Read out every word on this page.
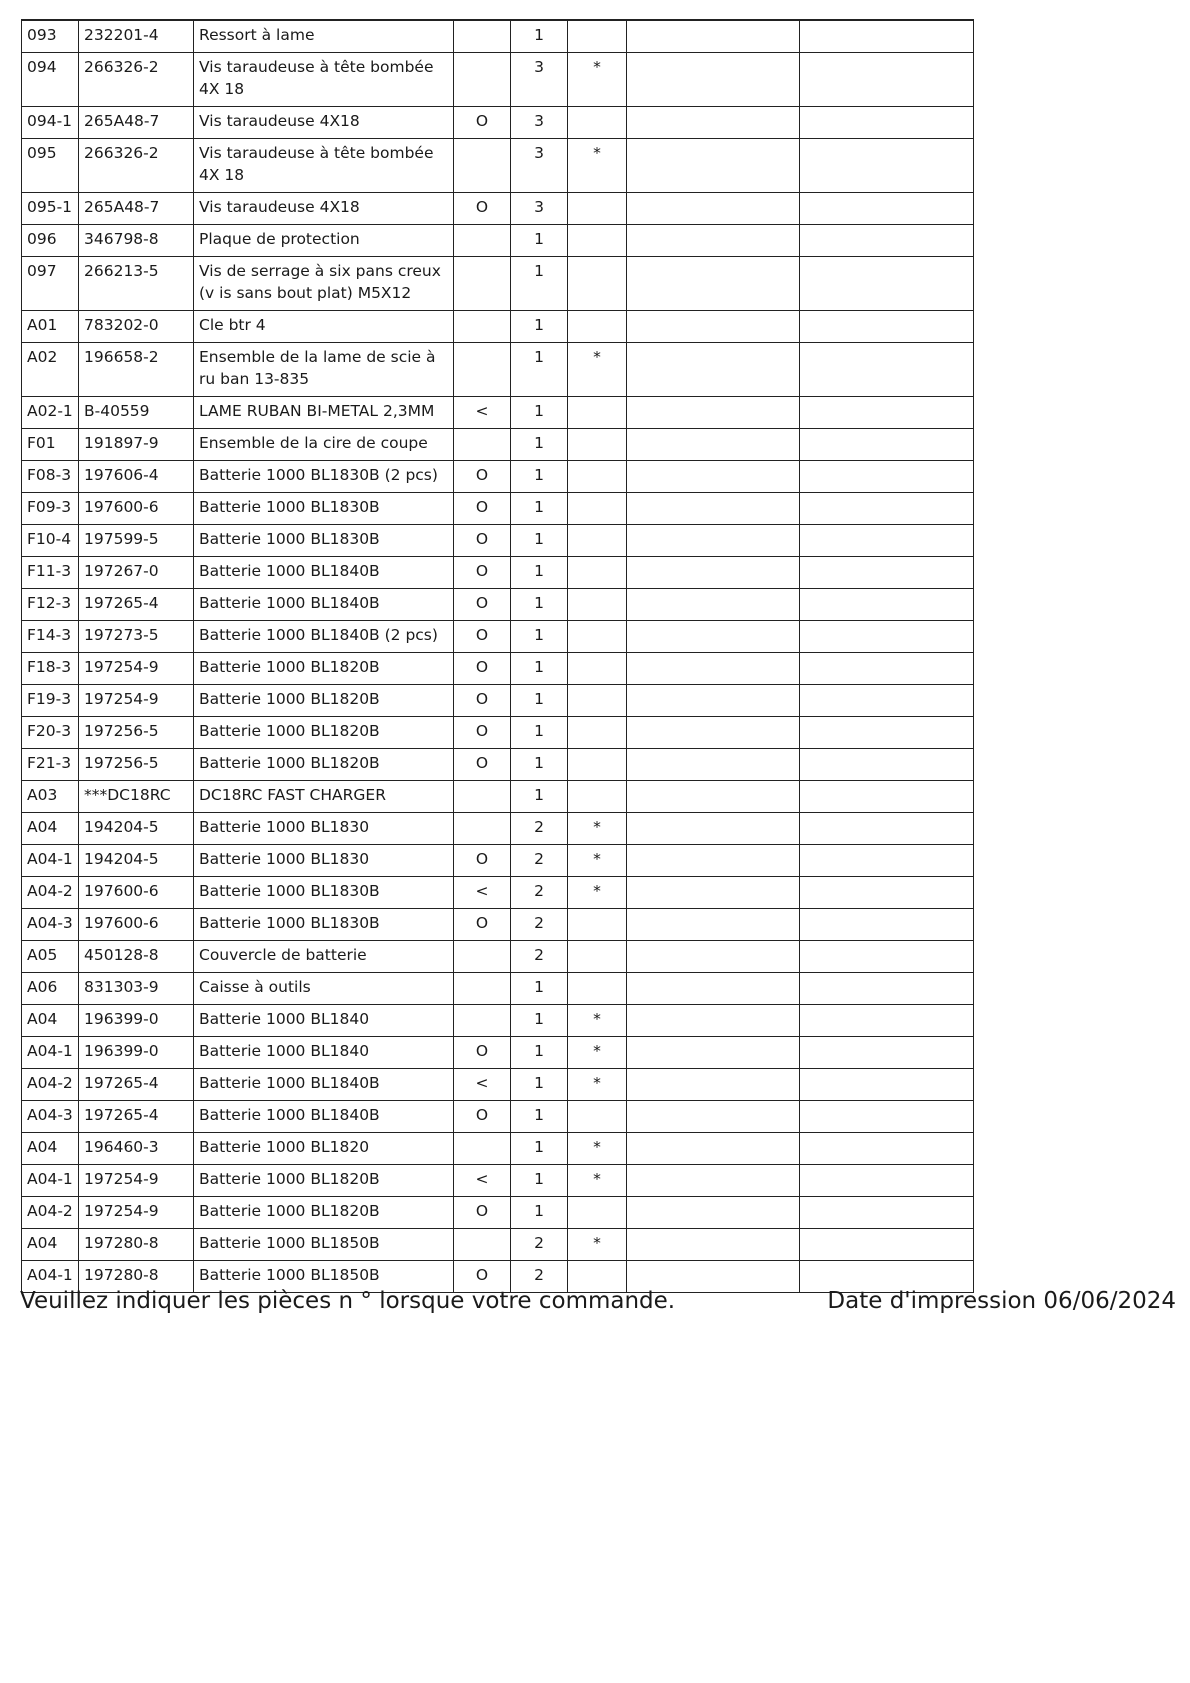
093	232201-4	Ressort à lame		1			
094	266326-2	Vis taraudeuse à tête bombée 4X 18		3	*		
094-1	265A48-7	Vis taraudeuse 4X18	O	3			
095	266326-2	Vis taraudeuse à tête bombée 4X 18		3	*		
095-1	265A48-7	Vis taraudeuse 4X18	O	3			
096	346798-8	Plaque de protection		1			
097	266213-5	Vis de serrage à six pans creux (v is sans bout plat) M5X12		1			
A01	783202-0	Cle btr 4		1			
A02	196658-2	Ensemble de la lame de scie à ru ban 13-835		1	*		
A02-1	B-40559	LAME RUBAN BI-METAL 2,3MM	<	1			
F01	191897-9	Ensemble de la cire de coupe		1			
F08-3	197606-4	Batterie 1000 BL1830B (2 pcs)	O	1			
F09-3	197600-6	Batterie 1000 BL1830B	O	1			
F10-4	197599-5	Batterie 1000 BL1830B	O	1			
F11-3	197267-0	Batterie 1000 BL1840B	O	1			
F12-3	197265-4	Batterie 1000 BL1840B	O	1			
F14-3	197273-5	Batterie 1000 BL1840B (2 pcs)	O	1			
F18-3	197254-9	Batterie 1000 BL1820B	O	1			
F19-3	197254-9	Batterie 1000 BL1820B	O	1			
F20-3	197256-5	Batterie 1000 BL1820B	O	1			
F21-3	197256-5	Batterie 1000 BL1820B	O	1			
A03	***DC18RC	DC18RC FAST CHARGER		1			
A04	194204-5	Batterie 1000 BL1830		2	*		
A04-1	194204-5	Batterie 1000 BL1830	O	2	*		
A04-2	197600-6	Batterie 1000 BL1830B	<	2	*		
A04-3	197600-6	Batterie 1000 BL1830B	O	2			
A05	450128-8	Couvercle de batterie		2			
A06	831303-9	Caisse à outils		1			
A04	196399-0	Batterie 1000 BL1840		1	*		
A04-1	196399-0	Batterie 1000 BL1840	O	1	*		
A04-2	197265-4	Batterie 1000 BL1840B	<	1	*		
A04-3	197265-4	Batterie 1000 BL1840B	O	1			
A04	196460-3	Batterie 1000 BL1820		1	*		
A04-1	197254-9	Batterie 1000 BL1820B	<	1	*		
A04-2	197254-9	Batterie 1000 BL1820B	O	1			
A04	197280-8	Batterie 1000 BL1850B		2	*		
A04-1	197280-8	Batterie 1000 BL1850B	O	2			
Veuillez indiquer les pièces n ° lorsque votre commande.	Date d'impression 06/06/2024
